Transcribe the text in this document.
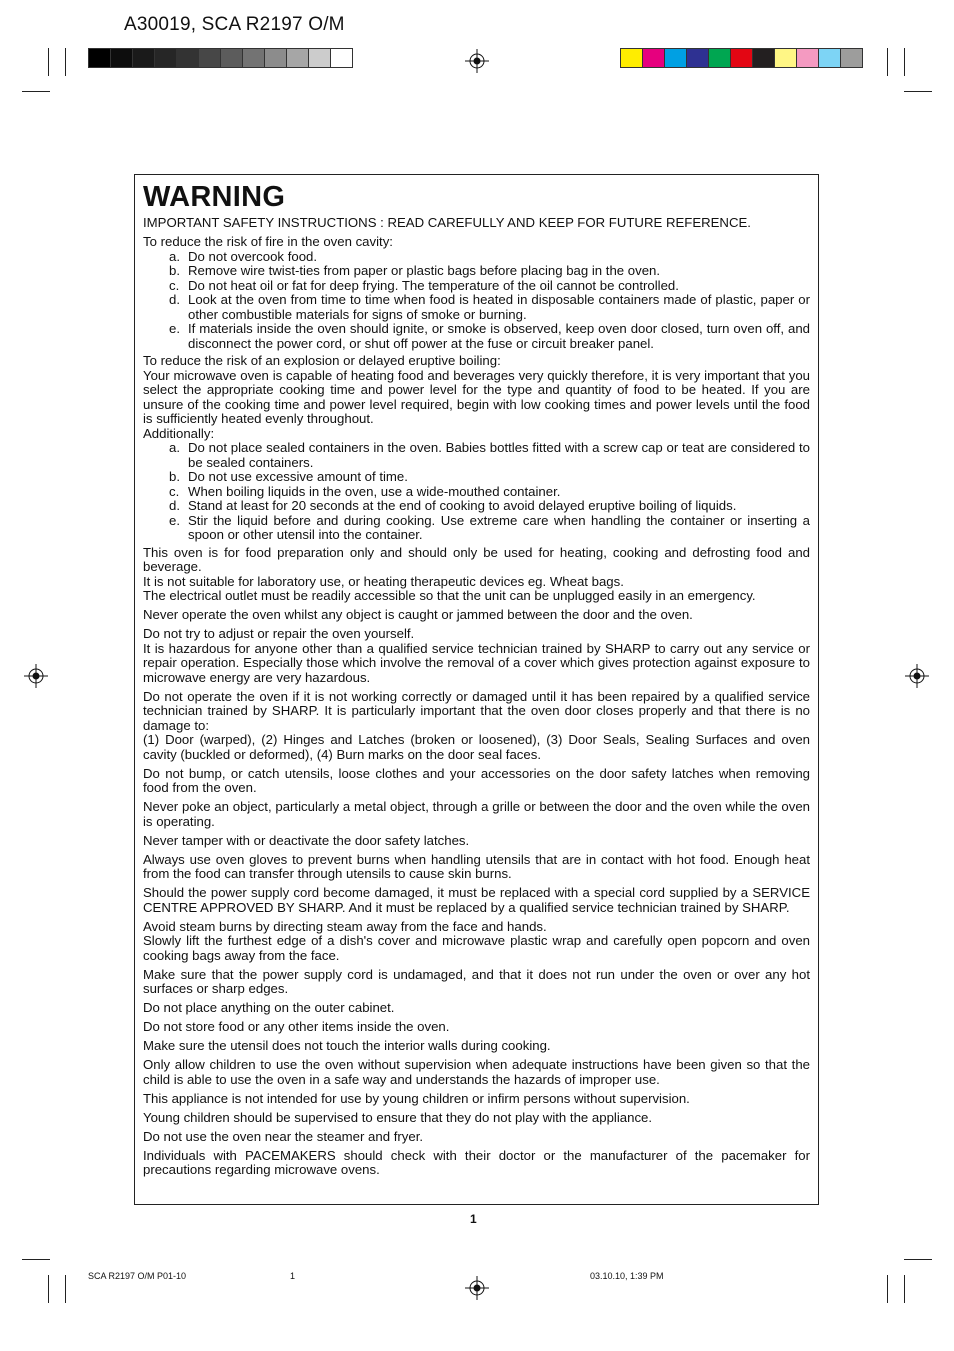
A30019, SCA R2197 O/M
WARNING

IMPORTANT SAFETY INSTRUCTIONS : READ CAREFULLY AND KEEP FOR FUTURE REFERENCE.

To reduce the risk of fire in the oven cavity:

a. Do not overcook food.
b. Remove wire twist-ties from paper or plastic bags before placing bag in the oven.
c. Do not heat oil or fat for deep frying. The temperature of the oil cannot be controlled.
d. Look at the oven from time to time when food is heated in disposable containers made of plastic, paper or other combustible materials for signs of smoke or burning.
e. If materials inside the oven should ignite, or smoke is observed, keep oven door closed, turn oven off, and disconnect the power cord, or shut off power at the fuse or circuit breaker panel.

To reduce the risk of an explosion or delayed eruptive boiling:

Your microwave oven is capable of heating food and beverages very quickly therefore, it is very important that you select the appropriate cooking time and power level for the type and quantity of food to be heated. If you are unsure of the cooking time and power level required, begin with low cooking times and power levels until the food is sufficiently heated evenly throughout.

Additionally:

a. Do not place sealed containers in the oven. Babies bottles fitted with a screw cap or teat are considered to be sealed containers.
b. Do not use excessive amount of time.
c. When boiling liquids in the oven, use a wide-mouthed container.
d. Stand at least for 20 seconds at the end of cooking to avoid delayed eruptive boiling of liquids.
e. Stir the liquid before and during cooking. Use extreme care when handling the container or inserting a spoon or other utensil into the container.

This oven is for food preparation only and should only be used for heating, cooking and defrosting food and beverage.

It is not suitable for laboratory use, or heating therapeutic devices eg. Wheat bags.

The electrical outlet must be readily accessible so that the unit can be unplugged easily in an emergency.

Never operate the oven whilst any object is caught or jammed between the door and the oven.

Do not try to adjust or repair the oven yourself.

It is hazardous for anyone other than a qualified service technician trained by SHARP to carry out any service or repair operation. Especially those which involve the removal of a cover which gives protection against exposure to microwave energy are very hazardous.

Do not operate the oven if it is not working correctly or damaged until it has been repaired by a qualified service technician trained by SHARP. It is particularly important that the oven door closes properly and that there is no damage to:

(1) Door (warped), (2) Hinges and Latches (broken or loosened), (3) Door Seals, Sealing Surfaces and oven cavity (buckled or deformed), (4) Burn marks on the door seal faces.

Do not bump, or catch utensils, loose clothes and your accessories on the door safety latches when removing food from the oven.

Never poke an object, particularly a metal object, through a grille or between the door and the oven while the oven is operating.

Never tamper with or deactivate the door safety latches.

Always use oven gloves to prevent burns when handling utensils that are in contact with hot food. Enough heat from the food can transfer through utensils to cause skin burns.

Should the power supply cord become damaged, it must be replaced with a special cord supplied by a SERVICE CENTRE APPROVED BY SHARP. And it must be replaced by a qualified service technician trained by SHARP.

Avoid steam burns by directing steam away from the face and hands.

Slowly lift the furthest edge of a dish's cover and microwave plastic wrap and carefully open popcorn and oven cooking bags away from the face.

Make sure that the power supply cord is undamaged, and that it does not run under the oven or over any hot surfaces or sharp edges.

Do not place anything on the outer cabinet.

Do not store food or any other items inside the oven.

Make sure the utensil does not touch the interior walls during cooking.

Only allow children to use the oven without supervision when adequate instructions have been given so that the child is able to use the oven in a safe way and understands the hazards of improper use.

This appliance is not intended for use by young children or infirm persons without supervision.

Young children should be supervised to ensure that they do not play with the appliance.

Do not use the oven near the steamer and fryer.

Individuals with PACEMAKERS should check with their doctor or the manufacturer of the pacemaker for precautions regarding microwave ovens.

1
SCA R2197 O/M P01-10	1	03.10.10, 1:39 PM
